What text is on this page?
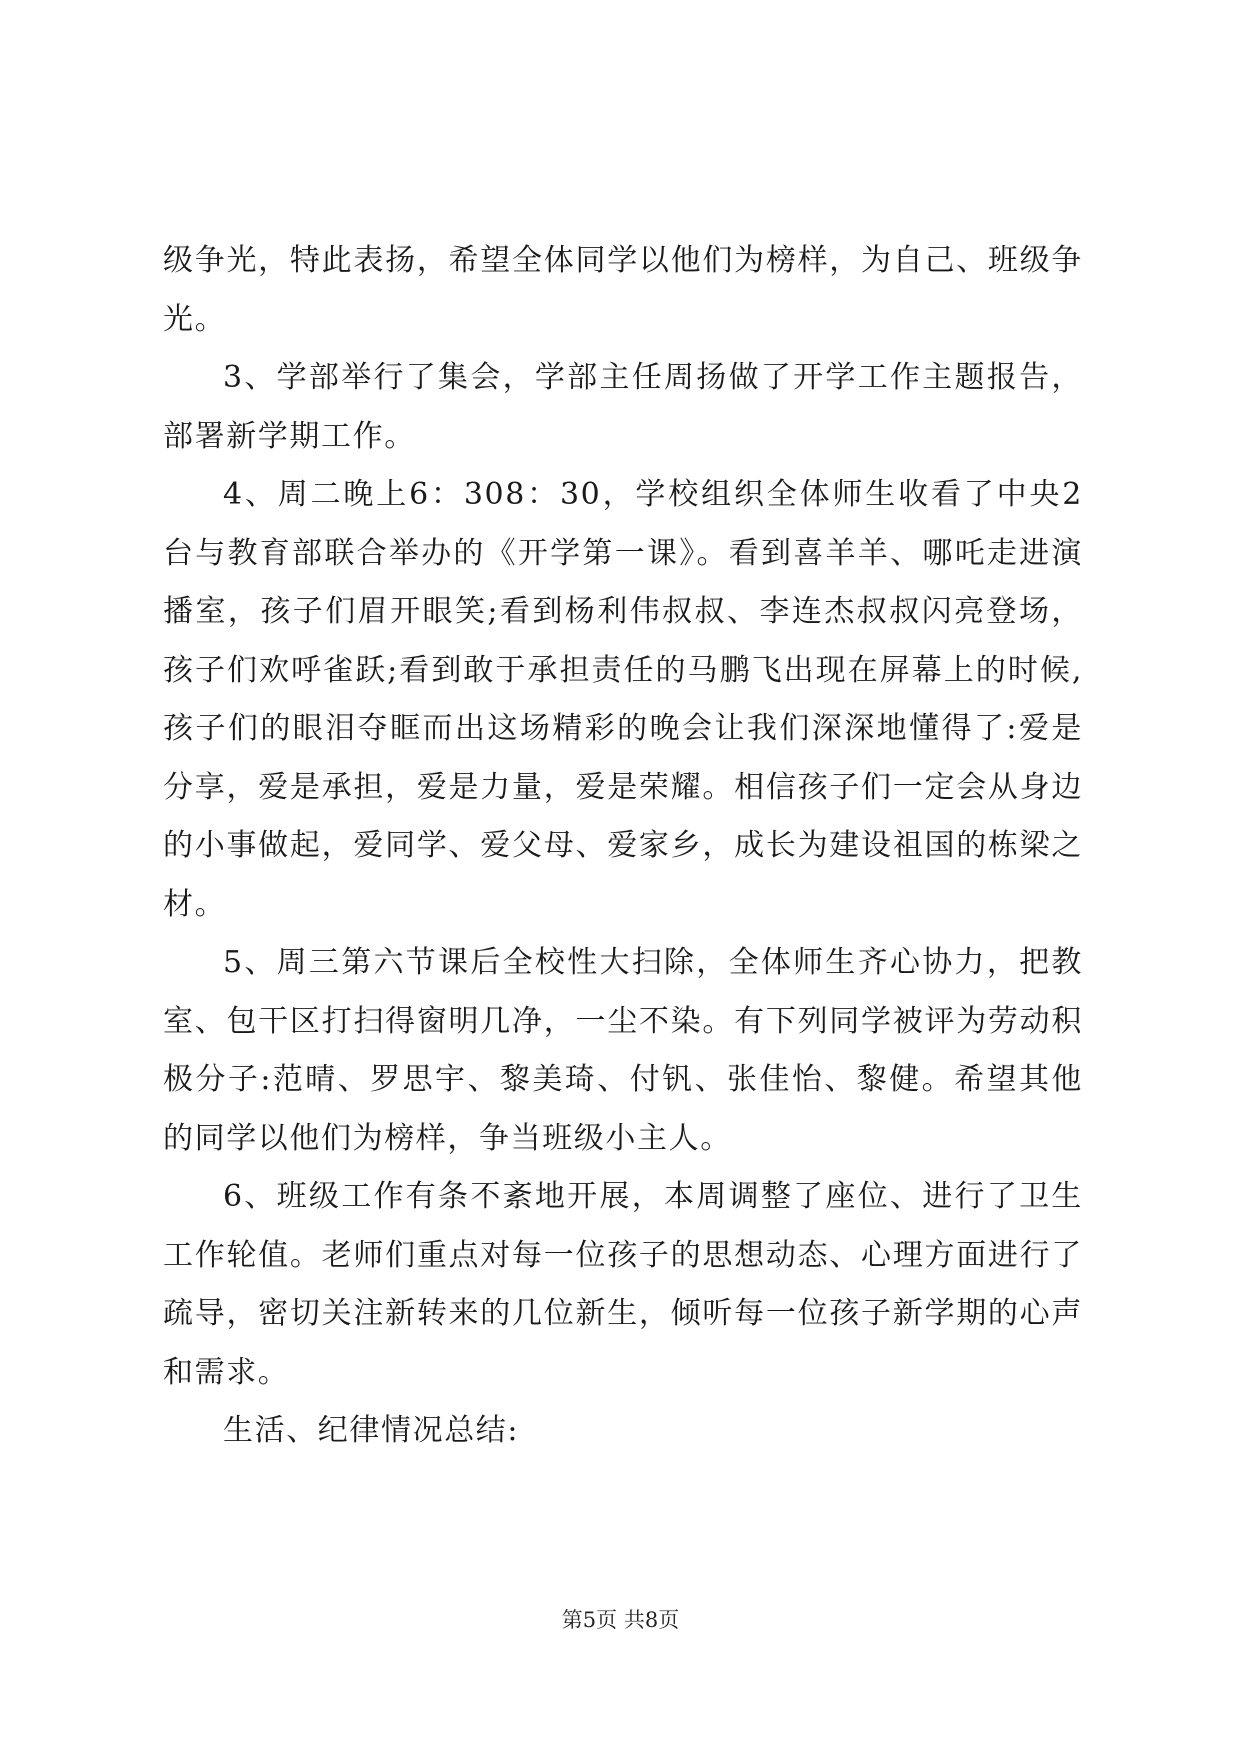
级争光，特此表扬，希望全体同学以他们为榜样，为自己、班级争光。

3、学部举行了集会，学部主任周扬做了开学工作主题报告，部署新学期工作。

4、周二晚上6：308：30，学校组织全体师生收看了中央2台与教育部联合举办的《开学第一课》。看到喜羊羊、哪吒走进演播室，孩子们眉开眼笑;看到杨利伟叔叔、李连杰叔叔闪亮登场，孩子们欢呼雀跃;看到敢于承担责任的马鹏飞出现在屏幕上的时候,孩子们的眼泪夺眶而出这场精彩的晚会让我们深深地懂得了:爱是分享，爱是承担，爱是力量，爱是荣耀。相信孩子们一定会从身边的小事做起，爱同学、爱父母、爱家乡，成长为建设祖国的栋梁之材。

5、周三第六节课后全校性大扫除，全体师生齐心协力，把教室、包干区打扫得窗明几净，一尘不染。有下列同学被评为劳动积极分子:范晴、罗思宇、黎美琦、付钒、张佳怡、黎健。希望其他的同学以他们为榜样，争当班级小主人。

6、班级工作有条不紊地开展，本周调整了座位、进行了卫生工作轮值。老师们重点对每一位孩子的思想动态、心理方面进行了疏导，密切关注新转来的几位新生，倾听每一位孩子新学期的心声和需求。

生活、纪律情况总结:

第5页 共8页
